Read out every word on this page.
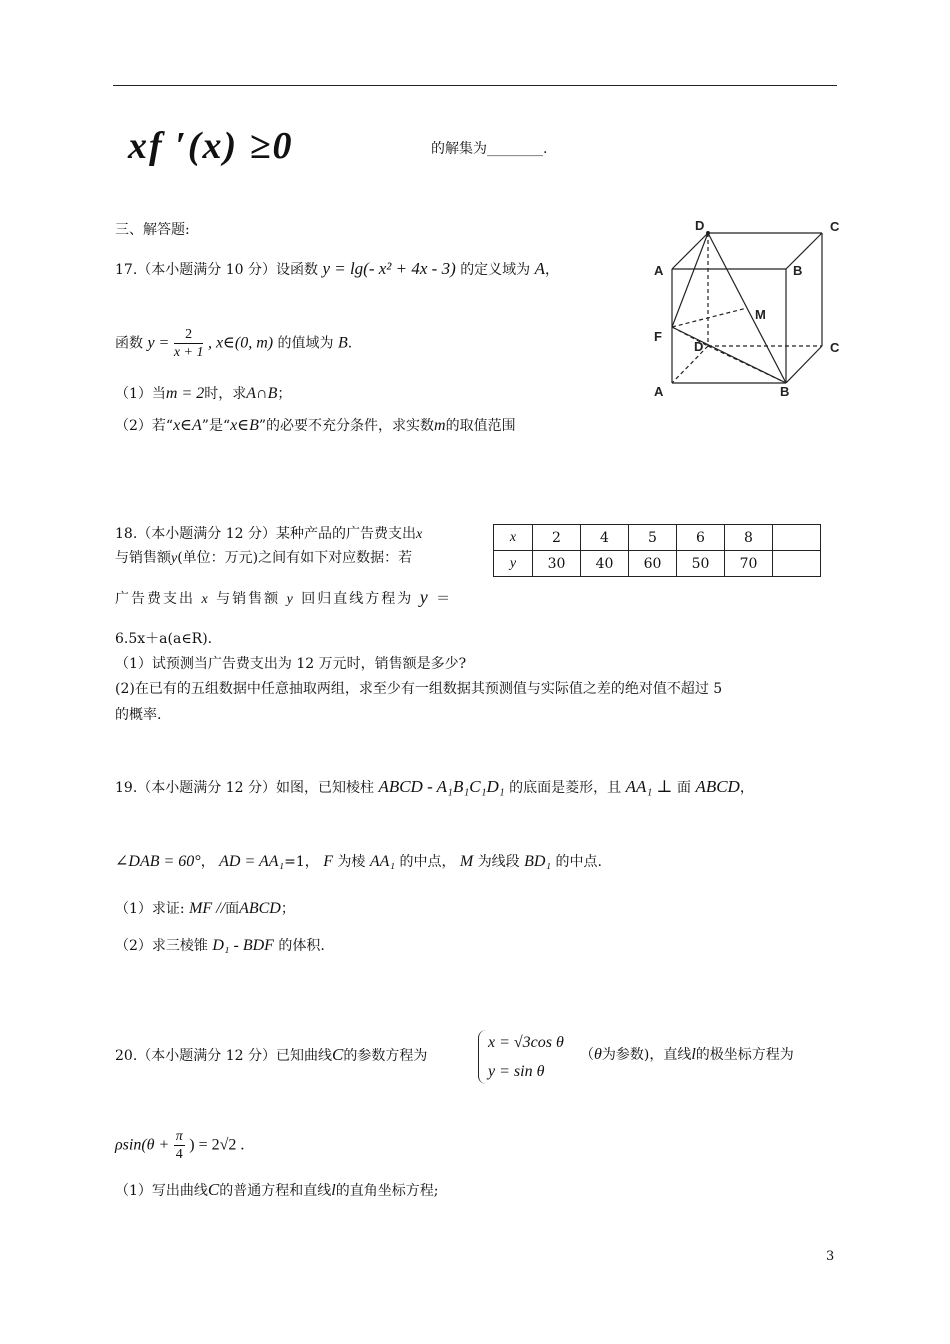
xf ′(x) ≥0	的解集为________.
三、解答题:
17.（本小题满分 10 分）设函数 y = lg(- x² + 4x - 3) 的定义域为 A，
函数 $y = \frac{2}{x + 1}$ , x∈(0, m) 的值域为 B.
（1）当m = 2时，求A∩B；
（2）若“x∈A”是“x∈B”的必要不充分条件，求实数m的取值范围
D	C
A	B
M
F
D	C
A	B
18.（本小题满分 12 分）某种产品的广告费支出x
与销售额y(单位：万元)之间有如下对应数据：若
广告费支出 x 与销售额 y 回归直线方程为 y ＝
6.5x＋a(a∈R).
（1）试预测当广告费支出为 12 万元时，销售额是多少?
(2)在已有的五组数据中任意抽取两组，求至少有一组数据其预测值与实际值之差的绝对值不超过 5
的概率.
x	2	4	5	6	8	
y	30	40	60	50	70	
19.（本小题满分 12 分）如图，已知棱柱 ABCD - A₁B₁C₁D₁ 的底面是菱形，且 AA₁ ⊥ 面 ABCD，
∠DAB = 60°， AD = AA₁=1， F 为棱 AA₁ 的中点， M 为线段 BD₁ 的中点.
（1）求证: MF //面ABCD；
（2）求三棱锥 D₁ - BDF 的体积.
20.（本小题满分 12 分）已知曲线C的参数方程为
x = √3cos θ
y = sin θ
（θ为参数)，直线l的极坐标方程为
$\rho\sin(\theta + \frac{\pi}{4}$ ) = 2√2 .
（1）写出曲线C的普通方程和直线l的直角坐标方程;
3
